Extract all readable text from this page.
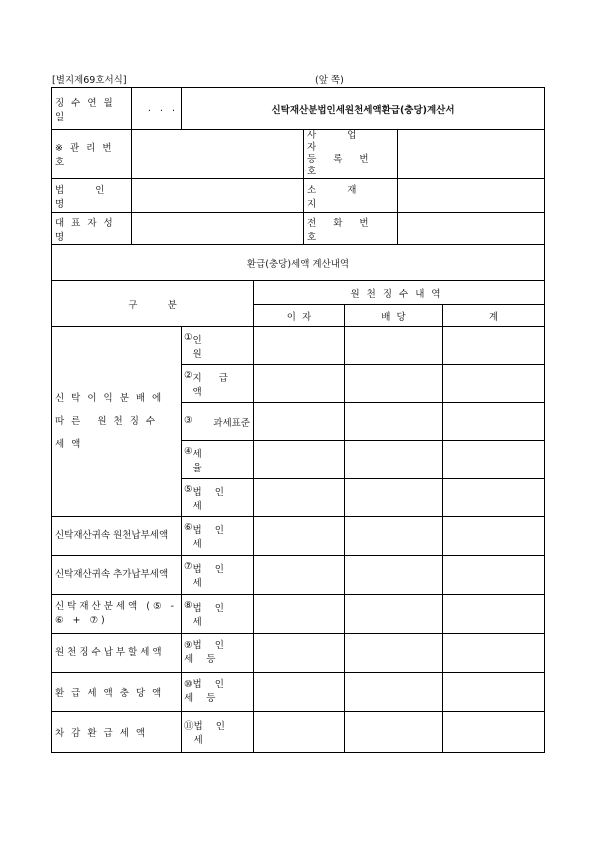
[별지제69호서식]	(앞 쪽)
징수연월일	. . .	신탁재산분법인세원천세액환급(충당)계산서					
※관리번호				사 업 자
등 록 번 호			

법 인 명				소 재 지			
대표자성명				전 화 번 호			
환급(충당)세액 계산내역							
구          분			원천징수내역				
			이  자		배  당		계
신탁이익분배에 따른 원천징수세액		① 인 원					

		② 지 급 액					

		③ 과세표준					

		④ 세 율					

		⑤ 법 인 세					

신탁재산귀속 원천납부세액		⑥ 법 인 세					

신탁재산귀속 추가납부세액		⑦ 법 인 세					

신탁재산분세액 (⑤ - ⑥ + ⑦)		⑧ 법 인 세					

원천징수납부할세액		⑨법 인 세 등					
환급세액충당액		⑩법 인 세 등					
차감환급세액		⑪ 법 인 세					
